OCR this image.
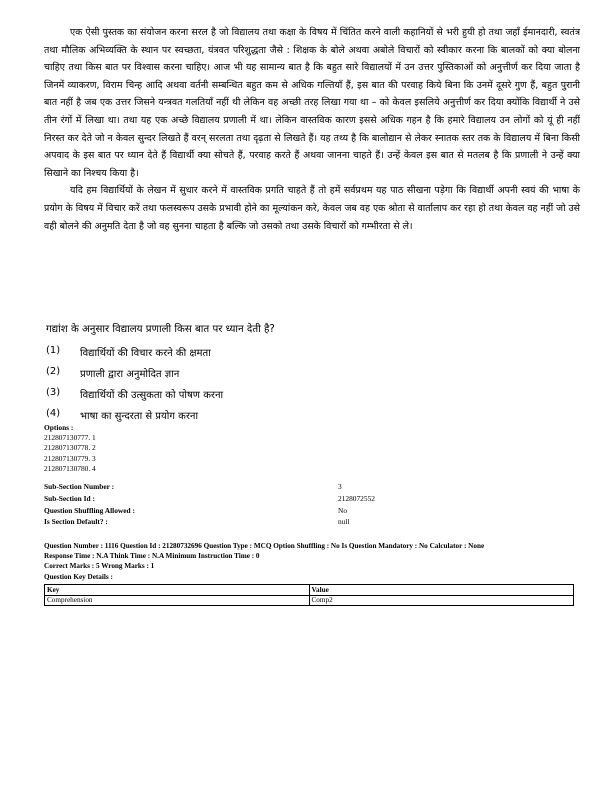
एक ऐसी पुस्तक का संयोजन करना सरल है जो विद्यालय तथा कक्षा के विषय में चिंतित करने वाली कहानियों से भरी हुयी हो तथा जहाँ ईमानदारी, स्वतंत्र तथा मौलिक अभिव्यक्ति के स्थान पर स्वच्छता, यंत्रवत परिशुद्धता जैसे : शिक्षक के बोले अथवा अबोले विचारों को स्वीकार करना कि बालकों को क्या बोलना चाहिए तथा किस बात पर विश्वास करना चाहिए। आज भी यह सामान्य बात है कि बहुत सारे विद्यालयों में उन उत्तर पुस्तिकाओं को अनुत्तीर्ण कर दिया जाता है जिनमें व्याकरण, विराम चिन्ह आदि अथवा वर्तनी सम्बन्धित बहुत कम से अधिक गल्तियाँ हैं, इस बात की परवाह किये बिना कि उनमें दूसरे गुण हैं, बहुत पुरानी बात नहीं है जब एक उत्तर जिसने यन्त्रवत गलतियाँ नहीं थी लेकिन वह अच्छी तरह लिखा गया था – को केवल इसलिये अनुत्तीर्ण कर दिया क्योंकि विद्यार्थी ने उसे तीन रंगों में लिखा था। तथा यह एक अच्छे विद्यालय प्रणाली में था। लेकिन वास्तविक कारण इससे अधिक गहन है कि हमारे विद्यालय उन लोगों को यूं ही नहीं निरस्त कर देते जो न केवल सुन्दर लिखते हैं वरन् सरलता तथा दृढ़ता से लिखते हैं। यह तथ्य है कि बालोद्यान से लेकर स्नातक स्तर तक के विद्यालय में बिना किसी अपवाद के इस बात पर ध्यान देते हैं विद्यार्थी क्या सोचते हैं, परवाह करते हैं अथवा जानना चाहते हैं। उन्हें केवल इस बात से मतलब है कि प्रणाली ने उन्हें क्या सिखाने का निश्चय किया है।

यदि हम विद्यार्थियों के लेखन में सुधार करने में वास्तविक प्रगति चाहते हैं तो हमें सर्वप्रथम यह पाठ सीखना पड़ेगा कि विद्यार्थी अपनी स्वयं की भाषा के प्रयोग के विषय में विचार करें तथा फलस्वरूप उसके प्रभावी होने का मूल्यांकन करे, केवल जब वह एक श्रोता से वार्तालाप कर रहा हो तथा केवल वह नहीं जो उसे वही बोलने की अनुमति देता है जो वह सुनना चाहता है बल्कि जो उसको तथा उसके विचारों को गम्भीरता से ले।

गद्यांश के अनुसार विद्यालय प्रणाली किस बात पर ध्यान देती है?
(1)	विद्यार्थियों की विचार करने की क्षमता
(2)	प्रणाली द्वारा अनुमोदित ज्ञान
(3)	विद्यार्थियों की उत्सुकता को पोषण करना
(4)	भाषा का सुन्दरता से प्रयोग करना
Options :
212807130777. 1
212807130778. 2
212807130779. 3
212807130780. 4
Sub-Section Number :	3
Sub-Section Id :	2128072552
Question Shuffling Allowed :	No
Is Section Default? :	null
Question Number : 1116 Question Id : 21280732696 Question Type : MCQ Option Shuffling : No Is Question Mandatory : No Calculator : None
Response Time : N.A Think Time : N.A Minimum Instruction Time : 0
Correct Marks : 5 Wrong Marks : 1
Question Key Details :
Key	Value
Comprehension	Comp2
